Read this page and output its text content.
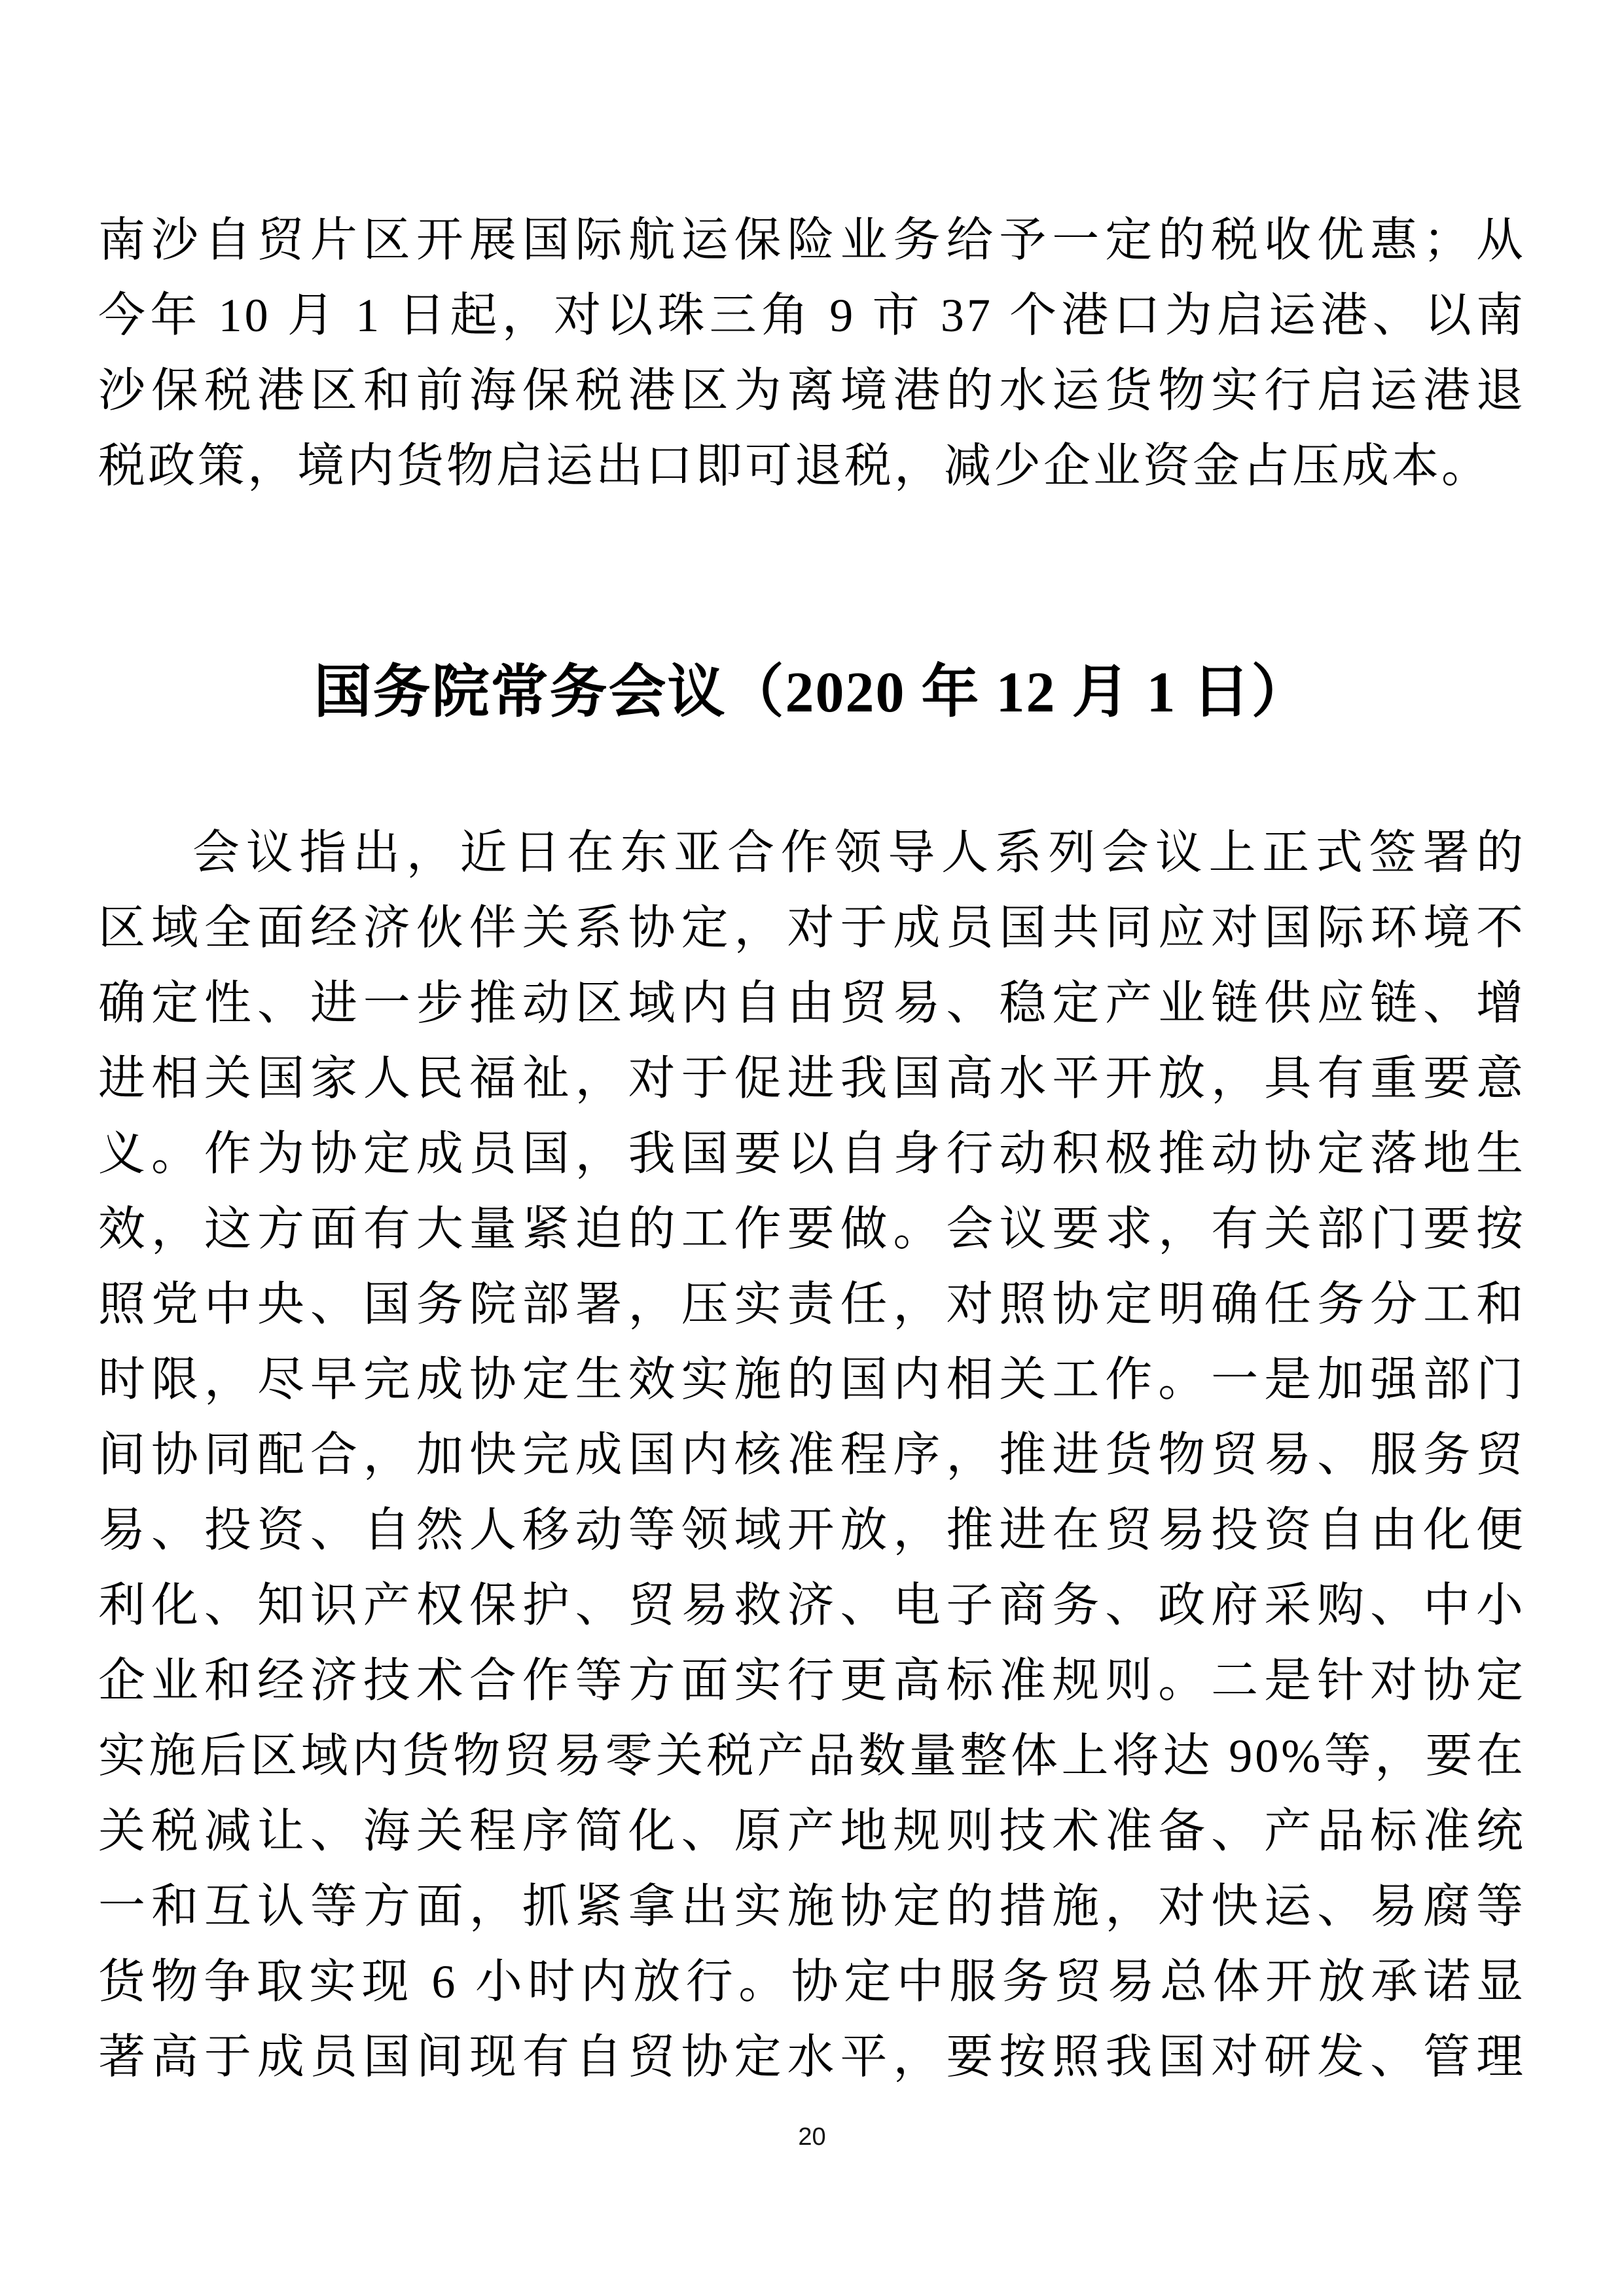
南沙自贸片区开展国际航运保险业务给予一定的税收优惠；从
今年 10 月 1 日起，对以珠三角 9 市 37 个港口为启运港、以南
沙保税港区和前海保税港区为离境港的水运货物实行启运港退
税政策，境内货物启运出口即可退税，减少企业资金占压成本。
国务院常务会议（2020 年 12 月 1 日）
会议指出，近日在东亚合作领导人系列会议上正式签署的
区域全面经济伙伴关系协定，对于成员国共同应对国际环境不
确定性、进一步推动区域内自由贸易、稳定产业链供应链、增
进相关国家人民福祉，对于促进我国高水平开放，具有重要意
义。作为协定成员国，我国要以自身行动积极推动协定落地生
效，这方面有大量紧迫的工作要做。会议要求，有关部门要按
照党中央、国务院部署，压实责任，对照协定明确任务分工和
时限，尽早完成协定生效实施的国内相关工作。一是加强部门
间协同配合，加快完成国内核准程序，推进货物贸易、服务贸
易、投资、自然人移动等领域开放，推进在贸易投资自由化便
利化、知识产权保护、贸易救济、电子商务、政府采购、中小
企业和经济技术合作等方面实行更高标准规则。二是针对协定
实施后区域内货物贸易零关税产品数量整体上将达 90%等，要在
关税减让、海关程序简化、原产地规则技术准备、产品标准统
一和互认等方面，抓紧拿出实施协定的措施，对快运、易腐等
货物争取实现 6 小时内放行。协定中服务贸易总体开放承诺显
著高于成员国间现有自贸协定水平，要按照我国对研发、管理
20
